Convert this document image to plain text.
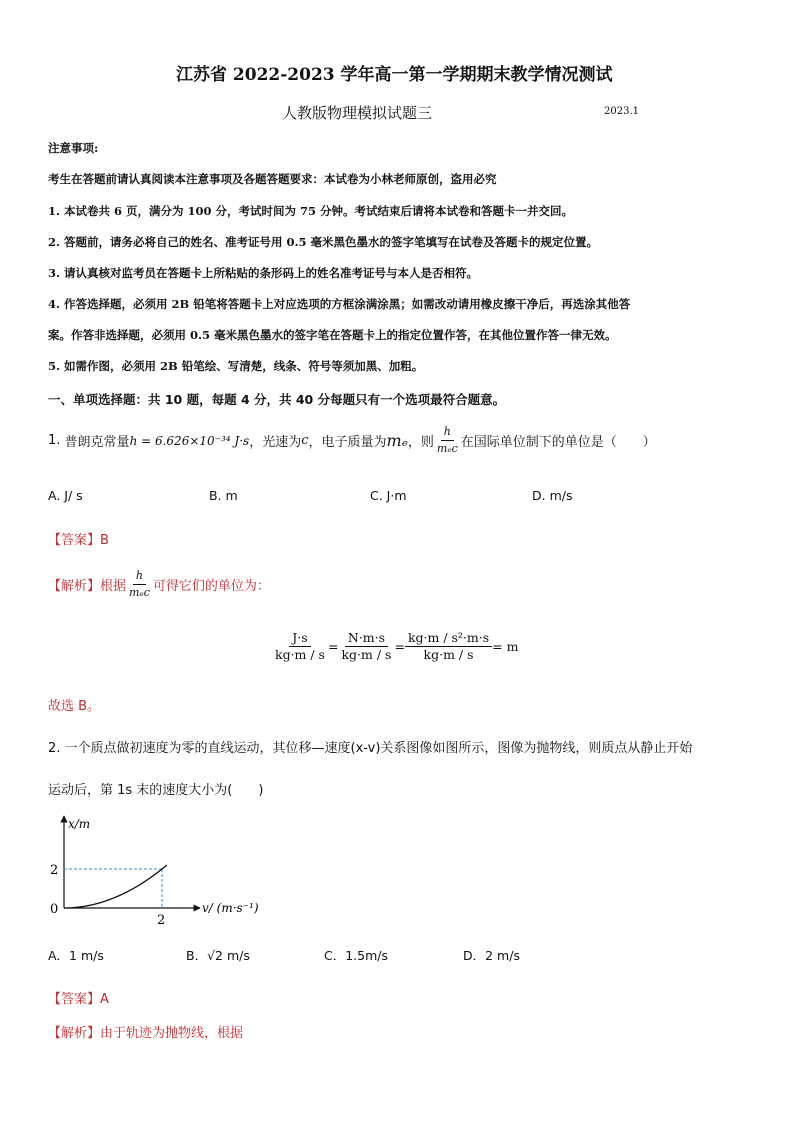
江苏省 2022-2023 学年高一第一学期期末教学情况测试
人教版物理模拟试题三	2023.1
注意事项:
考生在答题前请认真阅读本注意事项及各题答题要求：本试卷为小林老师原创，盗用必究
1. 本试卷共 6 页，满分为 100 分，考试时间为 75 分钟。考试结束后请将本试卷和答题卡一并交回。
2. 答题前，请务必将自己的姓名、准考证号用 0.5 毫米黑色墨水的签字笔填写在试卷及答题卡的规定位置。
3. 请认真核对监考员在答题卡上所粘贴的条形码上的姓名准考证号与本人是否相符。
4. 作答选择题，必须用 2B 铅笔将答题卡上对应选项的方框涂满涂黑；如需改动请用橡皮擦干净后，再选涂其他答
案。作答非选择题，必须用 0.5 毫米黑色墨水的签字笔在答题卡上的指定位置作答，在其他位置作答一律无效。
5. 如需作图，必须用 2B 铅笔绘、写清楚，线条、符号等须加黑、加粗。
一、单项选择题：共 10 题，每题 4 分，共 40 分每题只有一个选项最符合题意。
1.
普朗克常量 h = 6.626×10⁻³⁴ J·s ，光速为 c ，电子质量为 mₑ ，则 $\frac{h}{\text{mₑc}}$ 在国际单位制下的单位是（　　）
A. J/ s	B. m	C. J·m	D. m/s
【答案】B
【解析】 根据 $\frac{h}{\text{mₑc}}$ 可得它们的单位为：
$\frac{J\cdot s}{kg\cdot m / s} = \frac{N\cdot m\cdot s}{kg\cdot m / s} = \frac{\text{kg·m / s²·m·s}}{kg\cdot m / s} = m$
故选 B。
2. 一个质点做初速度为零的直线运动，其位移—速度(x-v)关系图像如图所示，图像为抛物线，则质点从静止开始
运动后，第 1s 末的速度大小为(　　)
x/m
v/ (m·s⁻¹)
2
2
0
A．1 m/s	B．√2 m/s	C．1.5m/s	D．2 m/s
【答案】A
【解析】由于轨迹为抛物线，根据
